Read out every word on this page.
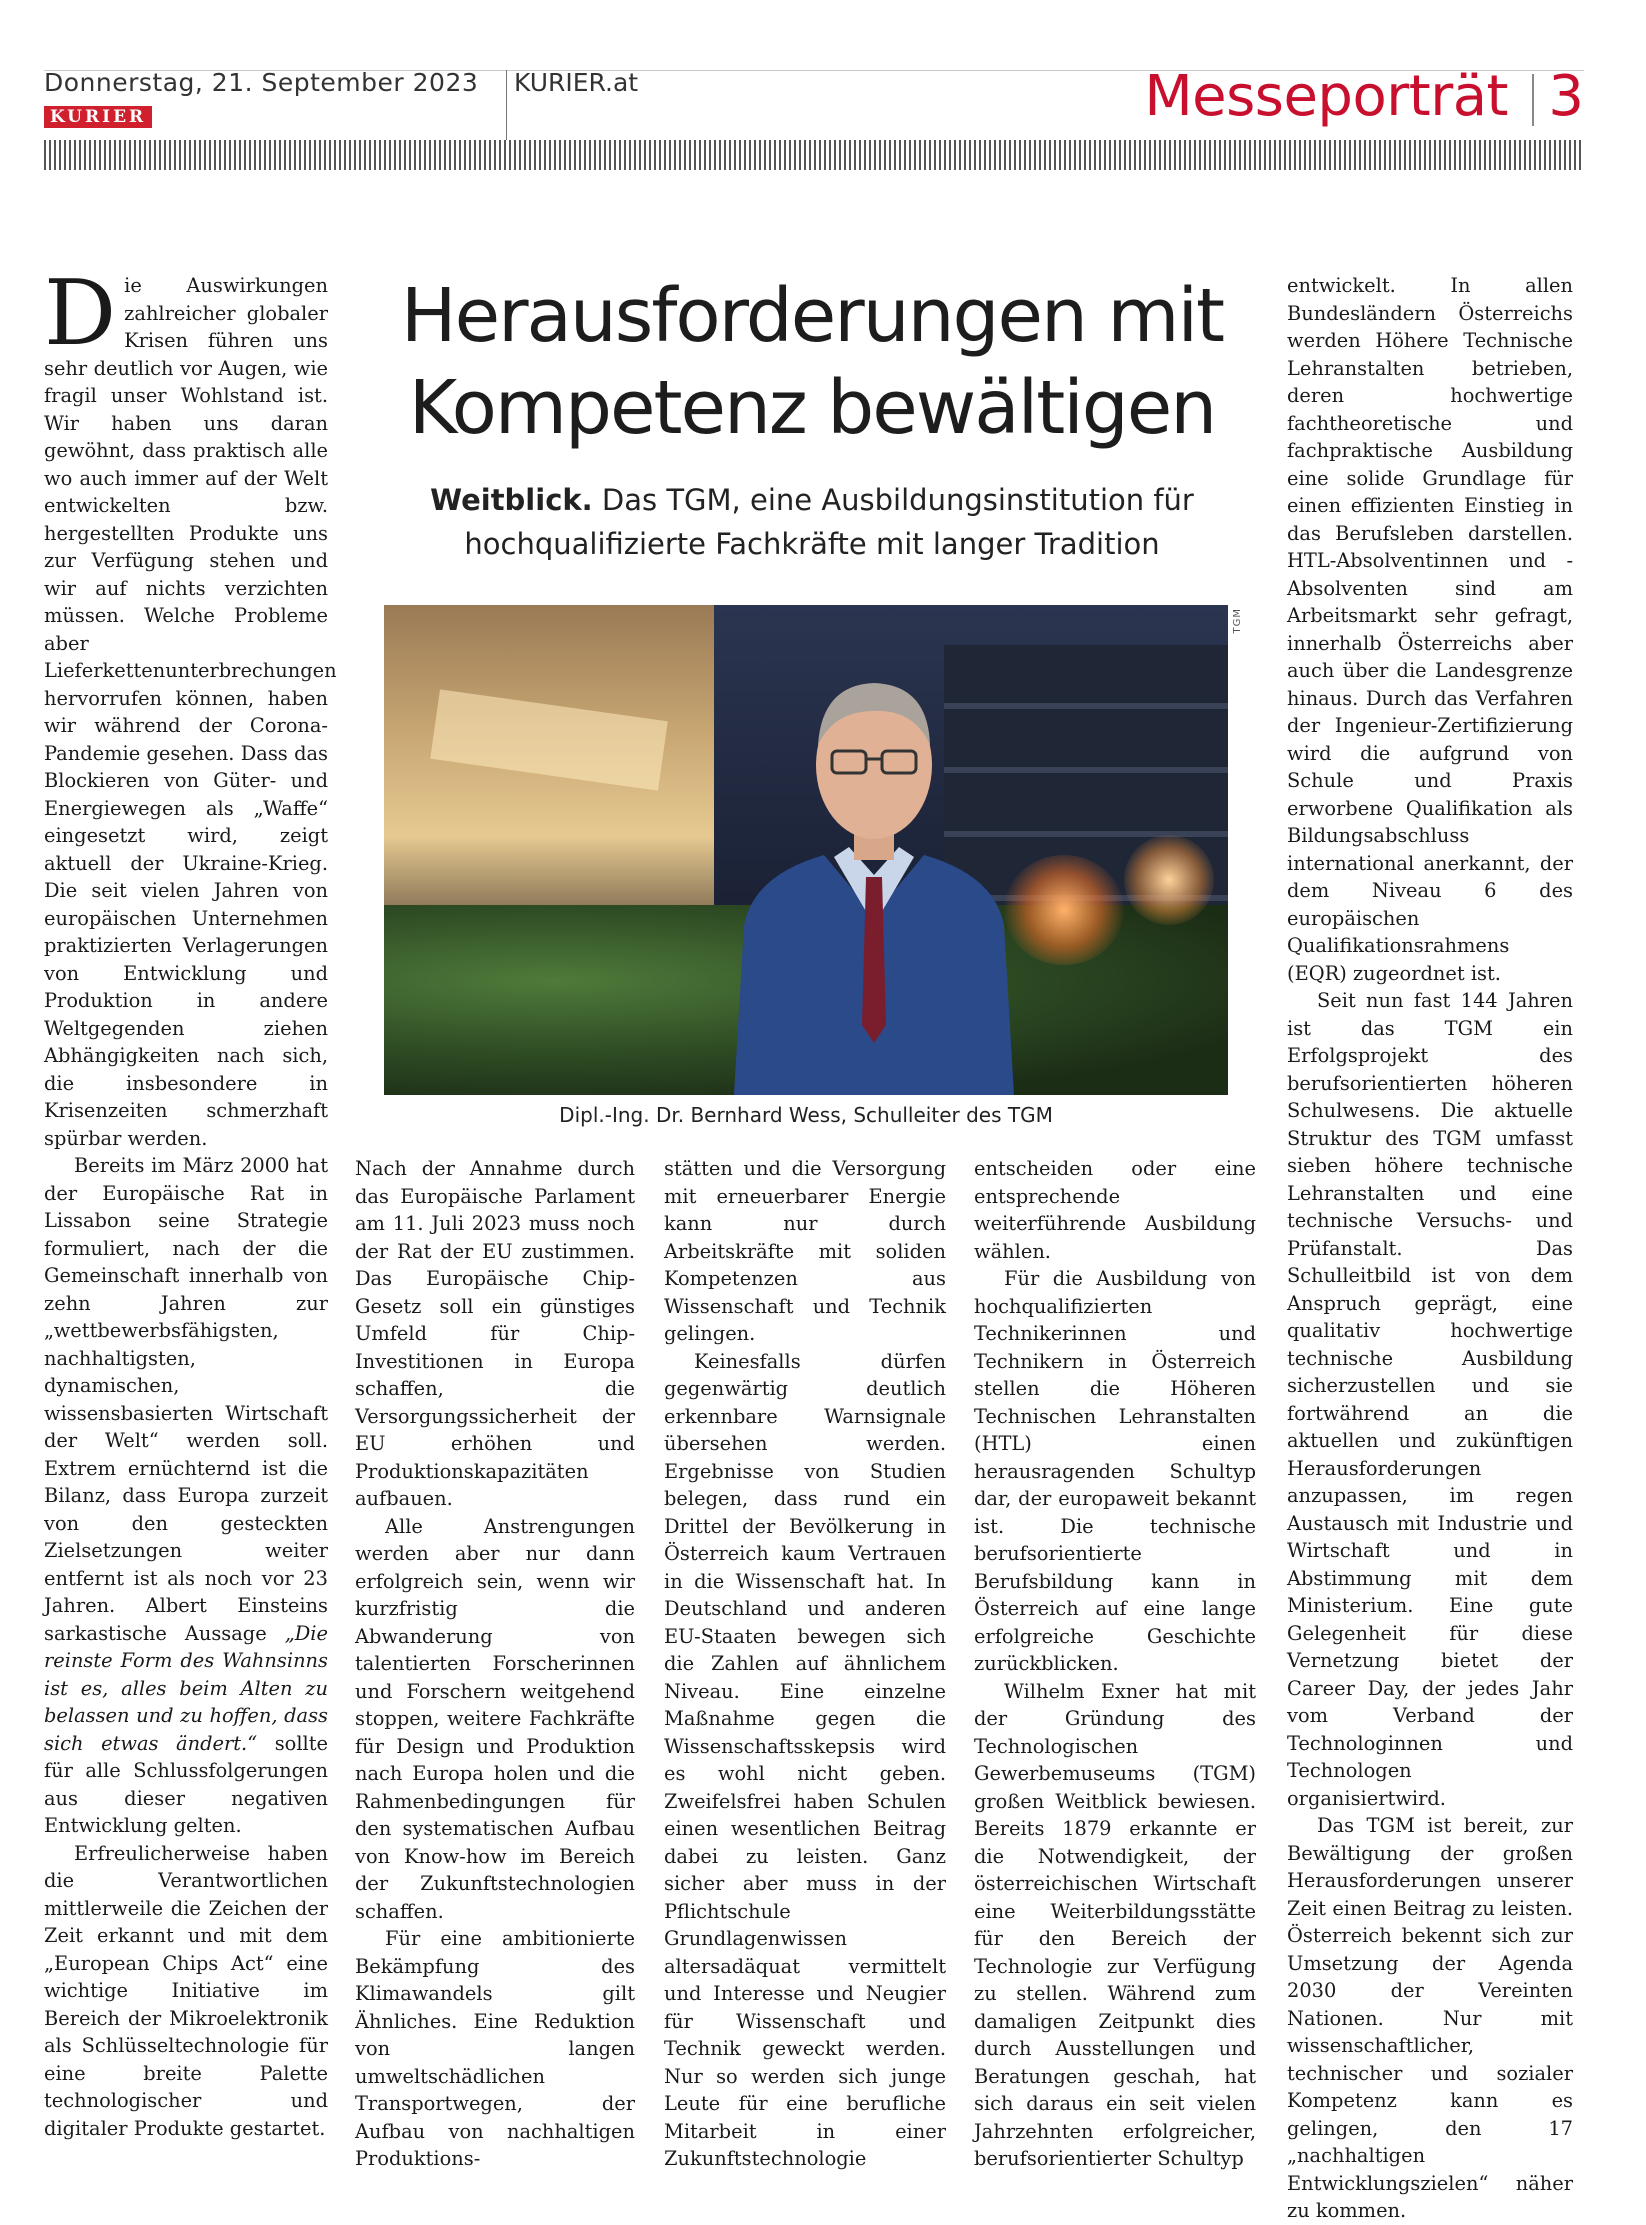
Donnerstag, 21. September 2023
KURIER
KURIER.at	Messeporträt 3
Herausforderungen mit
Kompetenz bewältigen

Weitblick. Das TGM, eine Ausbildungsinstitution für
hochqualifizierte Fachkräfte mit langer Tradition

TGM

Dipl.-Ing. Dr. Bernhard Wess, Schulleiter des TGM

Die Auswirkungen zahlreicher globaler Krisen führen uns sehr deutlich vor Augen, wie fragil unser Wohlstand ist. Wir haben uns daran gewöhnt, dass praktisch alle wo auch immer auf der Welt entwickelten bzw. hergestellten Produkte uns zur Verfügung stehen und wir auf nichts verzichten müssen. Welche Probleme aber Lieferkettenunterbrechungen hervorrufen können, haben wir während der Corona-Pandemie gesehen. Dass das Blockieren von Güter- und Energiewegen als „Waffe“ eingesetzt wird, zeigt aktuell der Ukraine-Krieg. Die seit vielen Jahren von europäischen Unternehmen praktizierten Verlagerungen von Entwicklung und Produktion in andere Weltgegenden ziehen Abhängigkeiten nach sich, die insbesondere in Krisenzeiten schmerzhaft spürbar werden.

Bereits im März 2000 hat der Europäische Rat in Lissabon seine Strategie formuliert, nach der die Gemeinschaft innerhalb von zehn Jahren zur „wettbewerbsfähigsten, nachhaltigsten, dynamischen, wissensbasierten Wirtschaft der Welt“ werden soll. Extrem ernüchternd ist die Bilanz, dass Europa zurzeit von den gesteckten Zielsetzungen weiter entfernt ist als noch vor 23 Jahren. Albert Einsteins sarkastische Aussage „Die reinste Form des Wahnsinns ist es, alles beim Alten zu belassen und zu hoffen, dass sich etwas ändert.“ sollte für alle Schlussfolgerungen aus dieser negativen Entwicklung gelten.

Erfreulicherweise haben die Verantwortlichen mittlerweile die Zeichen der Zeit erkannt und mit dem „European Chips Act“ eine wichtige Initiative im Bereich der Mikroelektronik als Schlüsseltechnologie für eine breite Palette technologischer und digitaler Produkte gestartet.

Nach der Annahme durch das Europäische Parlament am 11. Juli 2023 muss noch der Rat der EU zustimmen. Das Europäische Chip-Gesetz soll ein günstiges Umfeld für Chip-Investitionen in Europa schaffen, die Versorgungssicherheit der EU erhöhen und Produktionskapazitäten aufbauen.

Alle Anstrengungen werden aber nur dann erfolgreich sein, wenn wir kurzfristig die Abwanderung von talentierten Forscherinnen und Forschern weitgehend stoppen, weitere Fachkräfte für Design und Produktion nach Europa holen und die Rahmenbedingungen für den systematischen Aufbau von Know-how im Bereich der Zukunftstechnologien schaffen.

Für eine ambitionierte Bekämpfung des Klimawandels gilt Ähnliches. Eine Reduktion von langen umweltschädlichen Transportwegen, der Aufbau von nachhaltigen Produktions-

stätten und die Versorgung mit erneuerbarer Energie kann nur durch Arbeitskräfte mit soliden Kompetenzen aus Wissenschaft und Technik gelingen.

Keinesfalls dürfen gegenwärtig deutlich erkennbare Warnsignale übersehen werden. Ergebnisse von Studien belegen, dass rund ein Drittel der Bevölkerung in Österreich kaum Vertrauen in die Wissenschaft hat. In Deutschland und anderen EU-Staaten bewegen sich die Zahlen auf ähnlichem Niveau. Eine einzelne Maßnahme gegen die Wissenschaftsskepsis wird es wohl nicht geben. Zweifelsfrei haben Schulen einen wesentlichen Beitrag dabei zu leisten. Ganz sicher aber muss in der Pflichtschule Grundlagenwissen altersadäquat vermittelt und Interesse und Neugier für Wissenschaft und Technik geweckt werden. Nur so werden sich junge Leute für eine berufliche Mitarbeit in einer Zukunftstechnologie

entscheiden oder eine entsprechende weiterführende Ausbildung wählen.

Für die Ausbildung von hochqualifizierten Technikerinnen und Technikern in Österreich stellen die Höheren Technischen Lehranstalten (HTL) einen herausragenden Schultyp dar, der europaweit bekannt ist. Die technische berufsorientierte Berufsbildung kann in Österreich auf eine lange erfolgreiche Geschichte zurückblicken.

Wilhelm Exner hat mit der Gründung des Technologischen Gewerbemuseums (TGM) großen Weitblick bewiesen. Bereits 1879 erkannte er die Notwendigkeit, der österreichischen Wirtschaft eine Weiterbildungsstätte für den Bereich der Technologie zur Verfügung zu stellen. Während zum damaligen Zeitpunkt dies durch Ausstellungen und Beratungen geschah, hat sich daraus ein seit vielen Jahrzehnten erfolgreicher, berufsorientierter Schultyp

entwickelt. In allen Bundesländern Österreichs werden Höhere Technische Lehranstalten betrieben, deren hochwertige fachtheoretische und fachpraktische Ausbildung eine solide Grundlage für einen effizienten Einstieg in das Berufsleben darstellen. HTL-Absolventinnen und -Absolventen sind am Arbeitsmarkt sehr gefragt, innerhalb Österreichs aber auch über die Landesgrenze hinaus. Durch das Verfahren der Ingenieur-Zertifizierung wird die aufgrund von Schule und Praxis erworbene Qualifikation als Bildungsabschluss international anerkannt, der dem Niveau 6 des europäischen Qualifikationsrahmens (EQR) zugeordnet ist.

Seit nun fast 144 Jahren ist das TGM ein Erfolgsprojekt des berufsorientierten höheren Schulwesens. Die aktuelle Struktur des TGM umfasst sieben höhere technische Lehranstalten und eine technische Versuchs- und Prüfanstalt. Das Schulleitbild ist von dem Anspruch geprägt, eine qualitativ hochwertige technische Ausbildung sicherzustellen und sie fortwährend an die aktuellen und zukünftigen Herausforderungen anzupassen, im regen Austausch mit Industrie und Wirtschaft und in Abstimmung mit dem Ministerium. Eine gute Gelegenheit für diese Vernetzung bietet der Career Day, der jedes Jahr vom Verband der Technologinnen und Technologen organisiertwird.

Das TGM ist bereit, zur Bewältigung der großen Herausforderungen unserer Zeit einen Beitrag zu leisten. Österreich bekennt sich zur Umsetzung der Agenda 2030 der Vereinten Nationen. Nur mit wissenschaftlicher, technischer und sozialer Kompetenz kann es gelingen, den 17 „nachhaltigen Entwicklungszielen“ näher zu kommen.
